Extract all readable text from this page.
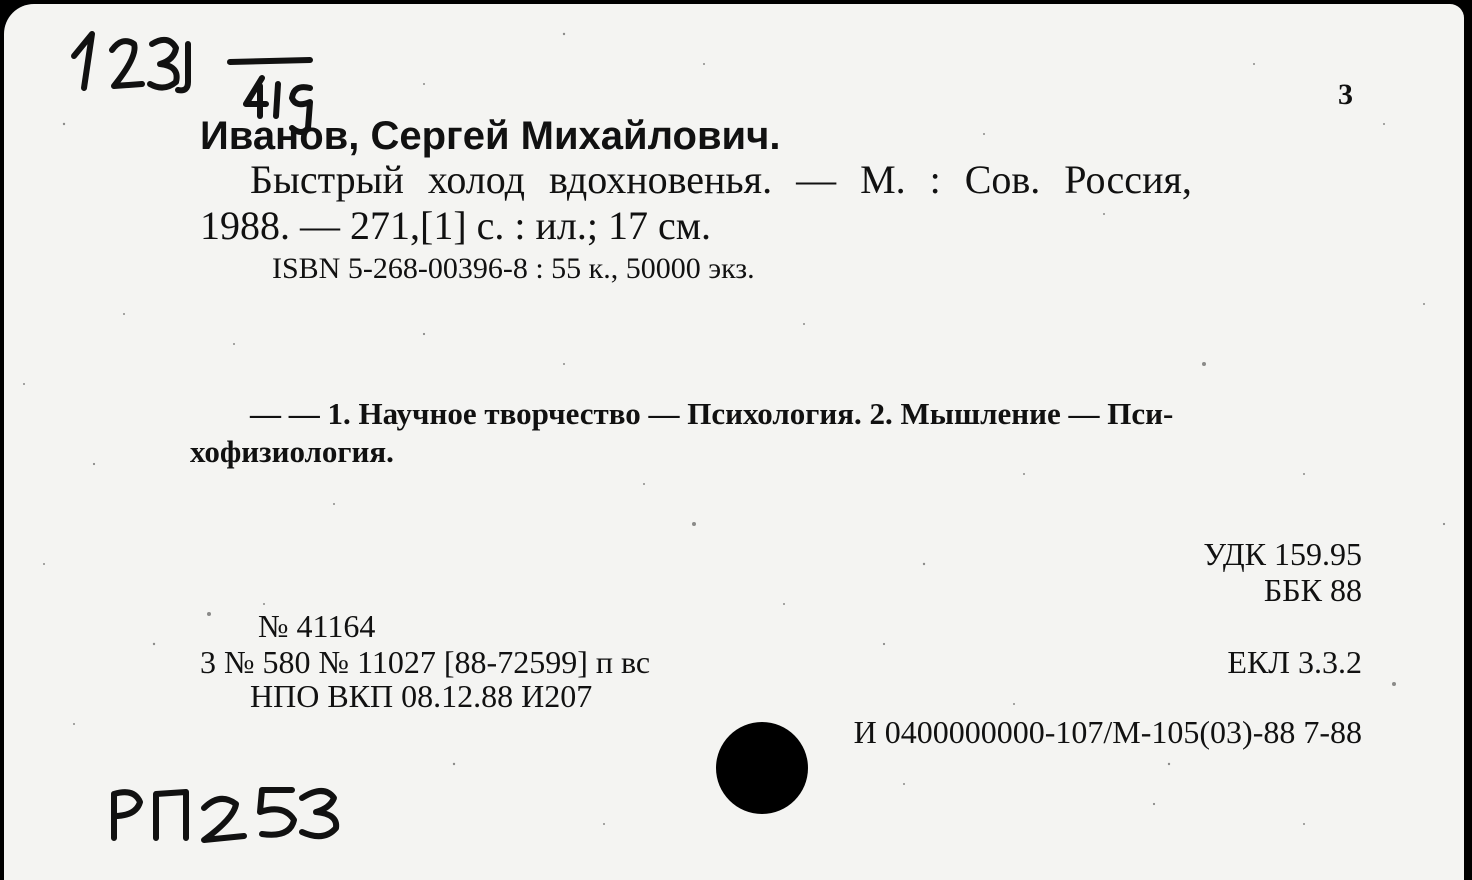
3
Иванов, Сергей Михайлович.
Быстрый холод вдохновенья. — М. : Сов. Россия,
1988. — 271,[1] с. : ил.; 17 см.
ISBN 5-268-00396-8 : 55 к., 50000 экз.
— — 1. Научное творчество — Психология. 2. Мышление — Пси-
хофизиология.
УДК 159.95
ББК 88
№ 41164
3 № 580 № 11027 [88-72599] п вс	ЕКЛ 3.3.2
НПО ВКП 08.12.88 И207
И 0400000000-107/М-105(03)-88 7-88
